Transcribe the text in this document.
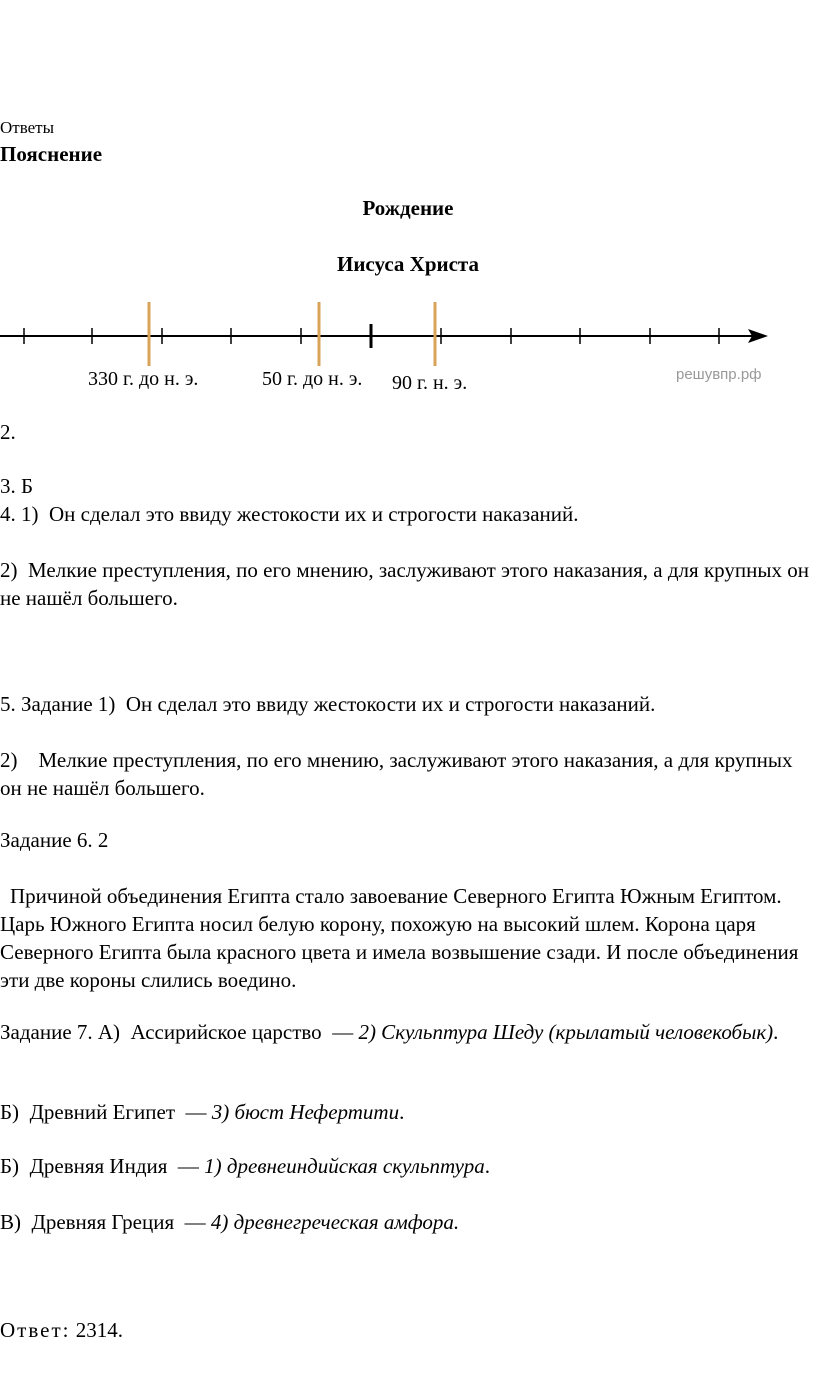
Ответы
Пояснение
Рождение
Иисуса Христа
330 г. до н. э.	50 г. до н. э. 90 г. н. э.	решувпр.рф
2.
3. Б
4. 1) Он сделал это ввиду жестокости их и строгости наказаний.
2) Мелкие преступления, по его мнению, заслуживают этого наказания, а для крупных он не нашёл большего.
5. Задание 1) Он сделал это ввиду жестокости их и строгости наказаний.
2) Мелкие преступления, по его мнению, заслуживают этого наказания, а для крупных он не нашёл большего.
Задание 6. 2
Причиной объединения Египта стало завоевание Северного Египта Южным Египтом. Царь Южного Египта носил белую корону, похожую на высокий шлем. Корона царя Северного Египта была красного цвета и имела возвышение сзади. И после объединения эти две короны слились воедино.
Задание 7. А) Ассирийское царство — 2) Скульптура Шеду (крылатый человекобык).
Б) Древний Египет — 3) бюст Нефертити.
Б) Древняя Индия — 1) древнеиндийская скульптура.
В) Древняя Греция — 4) древнегреческая амфора.
Ответ: 2314.
